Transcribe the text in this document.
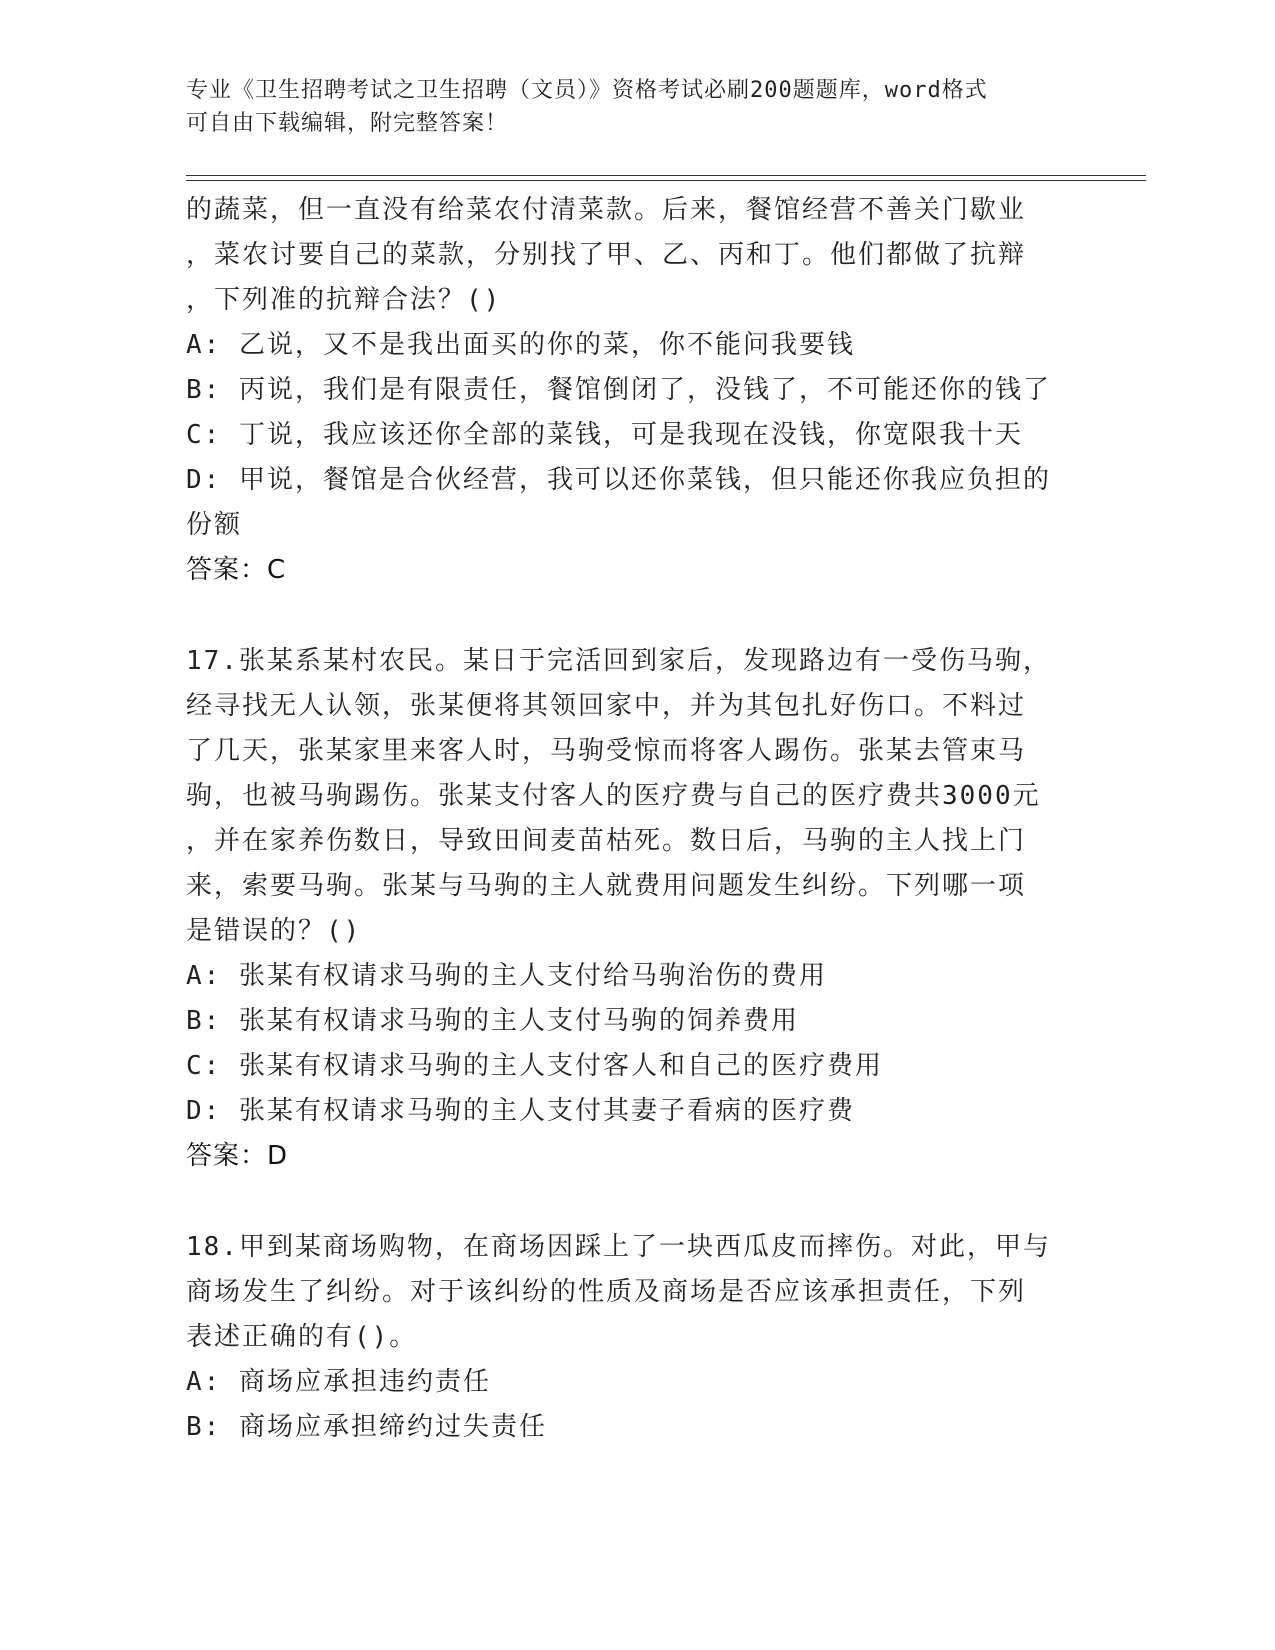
专业《卫生招聘考试之卫生招聘（文员）》资格考试必刷200题题库，word格式
可自由下载编辑，附完整答案！
的蔬菜，但一直没有给菜农付清菜款。后来，餐馆经营不善关门歇业
，菜农讨要自己的菜款，分别找了甲、乙、丙和丁。他们都做了抗辩
，下列准的抗辩合法？()
A: 乙说，又不是我出面买的你的菜，你不能问我要钱
B: 丙说，我们是有限责任，餐馆倒闭了，没钱了，不可能还你的钱了
C: 丁说，我应该还你全部的菜钱，可是我现在没钱，你宽限我十天
D: 甲说，餐馆是合伙经营，我可以还你菜钱，但只能还你我应负担的
份额
答案：C
17.张某系某村农民。某日于完活回到家后，发现路边有一受伤马驹，
经寻找无人认领，张某便将其领回家中，并为其包扎好伤口。不料过
了几天，张某家里来客人时，马驹受惊而将客人踢伤。张某去管束马
驹，也被马驹踢伤。张某支付客人的医疗费与自己的医疗费共3000元
，并在家养伤数日，导致田间麦苗枯死。数日后，马驹的主人找上门
来，索要马驹。张某与马驹的主人就费用问题发生纠纷。下列哪一项
是错误的？()
A: 张某有权请求马驹的主人支付给马驹治伤的费用
B: 张某有权请求马驹的主人支付马驹的饲养费用
C: 张某有权请求马驹的主人支付客人和自己的医疗费用
D: 张某有权请求马驹的主人支付其妻子看病的医疗费
答案：D
18.甲到某商场购物，在商场因踩上了一块西瓜皮而摔伤。对此，甲与
商场发生了纠纷。对于该纠纷的性质及商场是否应该承担责任，下列
表述正确的有()。
A: 商场应承担违约责任
B: 商场应承担缔约过失责任
